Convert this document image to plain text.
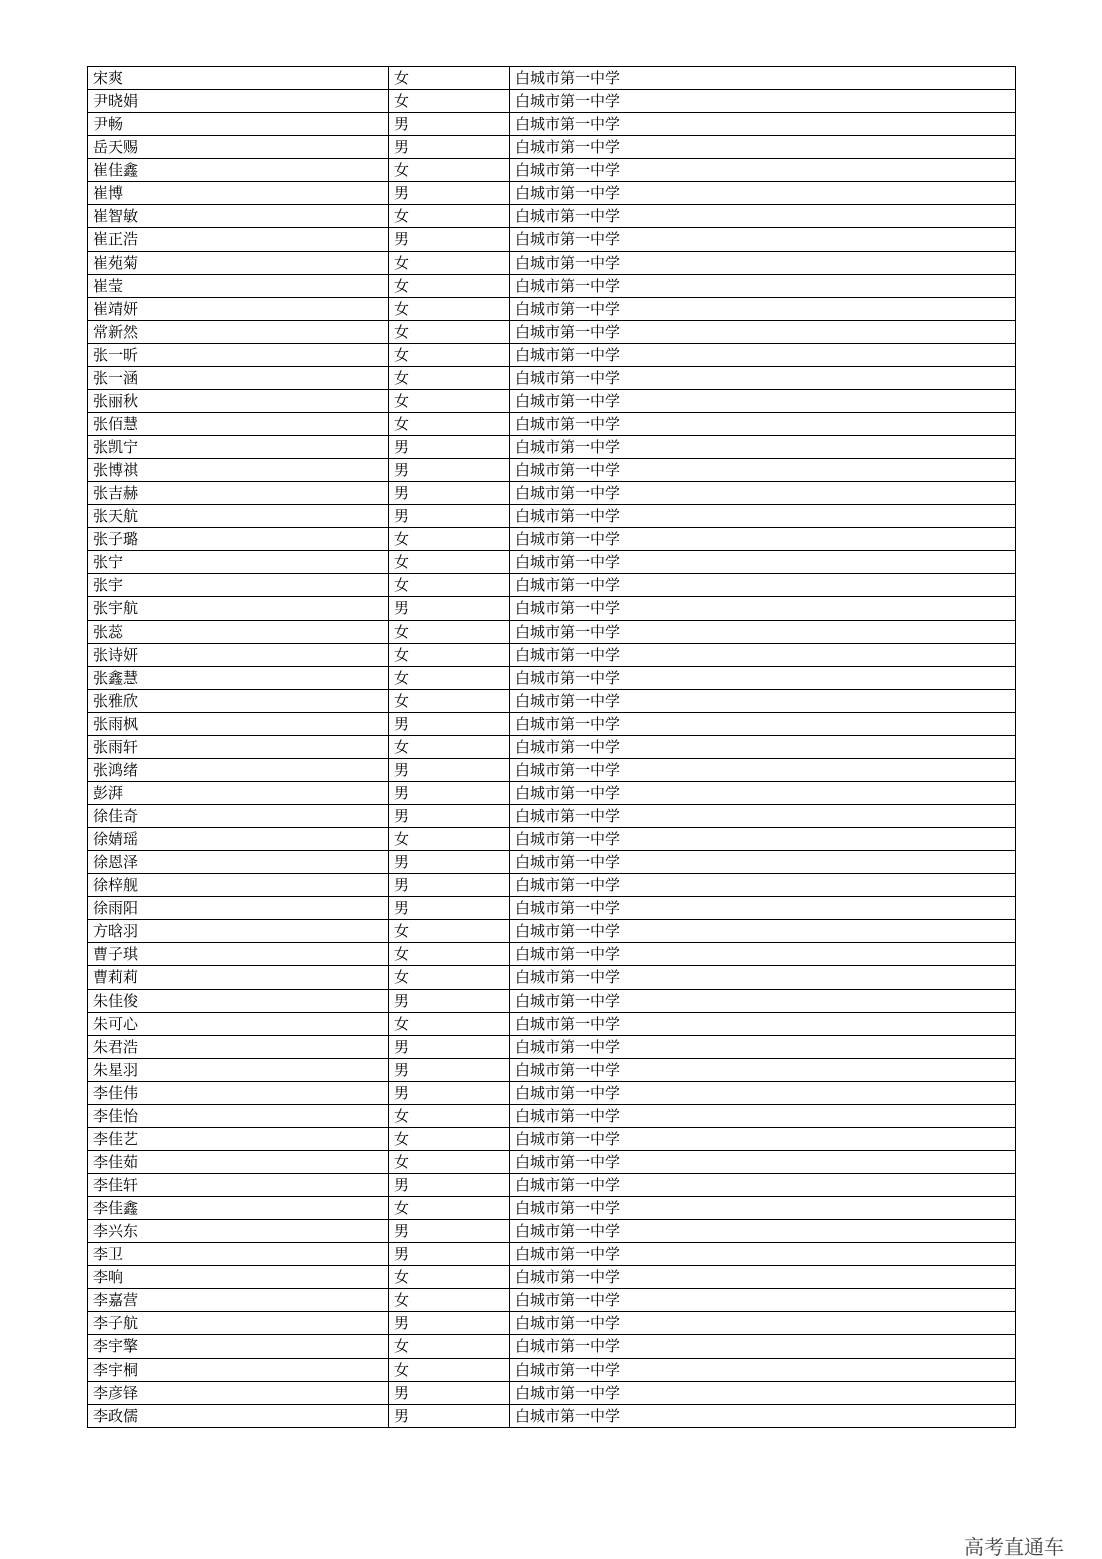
宋爽	女	白城市第一中学
尹晓娟	女	白城市第一中学
尹畅	男	白城市第一中学
岳天赐	男	白城市第一中学
崔佳鑫	女	白城市第一中学
崔博	男	白城市第一中学
崔智敏	女	白城市第一中学
崔正浩	男	白城市第一中学
崔苑菊	女	白城市第一中学
崔莹	女	白城市第一中学
崔靖妍	女	白城市第一中学
常新然	女	白城市第一中学
张一昕	女	白城市第一中学
张一涵	女	白城市第一中学
张丽秋	女	白城市第一中学
张佰慧	女	白城市第一中学
张凯宁	男	白城市第一中学
张博祺	男	白城市第一中学
张吉赫	男	白城市第一中学
张天航	男	白城市第一中学
张子璐	女	白城市第一中学
张宁	女	白城市第一中学
张宇	女	白城市第一中学
张宇航	男	白城市第一中学
张蕊	女	白城市第一中学
张诗妍	女	白城市第一中学
张鑫慧	女	白城市第一中学
张雅欣	女	白城市第一中学
张雨枫	男	白城市第一中学
张雨轩	女	白城市第一中学
张鸿绪	男	白城市第一中学
彭湃	男	白城市第一中学
徐佳奇	男	白城市第一中学
徐婧瑶	女	白城市第一中学
徐恩泽	男	白城市第一中学
徐梓舰	男	白城市第一中学
徐雨阳	男	白城市第一中学
方晗羽	女	白城市第一中学
曹子琪	女	白城市第一中学
曹莉莉	女	白城市第一中学
朱佳俊	男	白城市第一中学
朱可心	女	白城市第一中学
朱君浩	男	白城市第一中学
朱星羽	男	白城市第一中学
李佳伟	男	白城市第一中学
李佳怡	女	白城市第一中学
李佳艺	女	白城市第一中学
李佳茹	女	白城市第一中学
李佳轩	男	白城市第一中学
李佳鑫	女	白城市第一中学
李兴东	男	白城市第一中学
李卫	男	白城市第一中学
李响	女	白城市第一中学
李嘉营	女	白城市第一中学
李子航	男	白城市第一中学
李宇擎	女	白城市第一中学
李宇桐	女	白城市第一中学
李彦铎	男	白城市第一中学
李政儒	男	白城市第一中学
高考直通车
